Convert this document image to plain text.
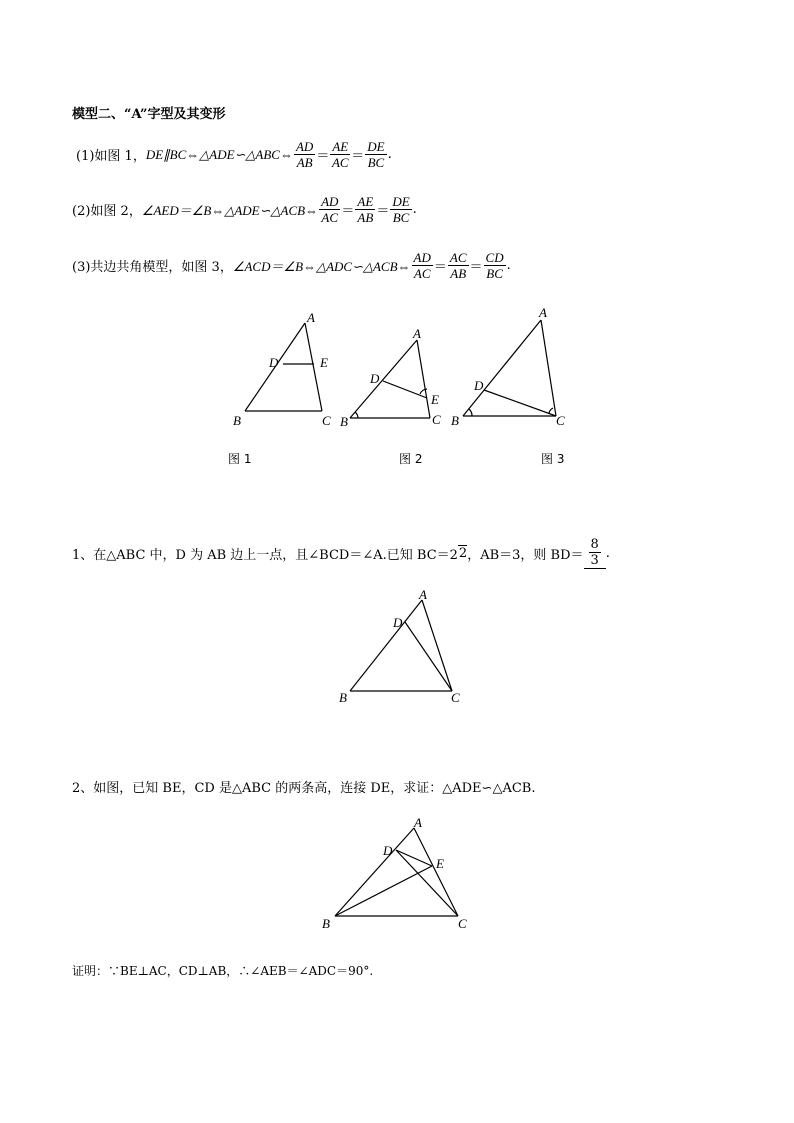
模型二、“A”字型及其变形
(1)如图 1， DE∥BC⇔△ADE∽△ABC⇔ $\frac{AD}{AB} = \frac{AE}{AC} = \frac{DE}{BC}$ .
(2)如图 2， ∠AED＝∠B⇔△ADE∽△ACB⇔ $\frac{AD}{AC} = \frac{AE}{AB} = \frac{DE}{BC}$ .
(3)共边共角模型，如图 3， ∠ACD＝∠B⇔△ADC∽△ACB⇔ $\frac{AD}{AC} = \frac{AC}{AB} = \frac{CD}{BC}$ .
A
D	E
B	C
图 1
A
D
E
B	C
图 2
A
D
B	C
图 3
1、在△ABC 中，D 为 AB 边上一点，且∠BCD＝∠A.已知 BC＝2 2 ，AB＝3，则 $BD= \frac{8}{3}$ .
A
D
B	C
2、如图，已知 BE，CD 是△ABC 的两条高，连接 DE，求证：△ADE∽△ACB.
A
D
E
B	C
证明：∵BE⊥AC，CD⊥AB，∴∠AEB＝∠ADC＝90°.
